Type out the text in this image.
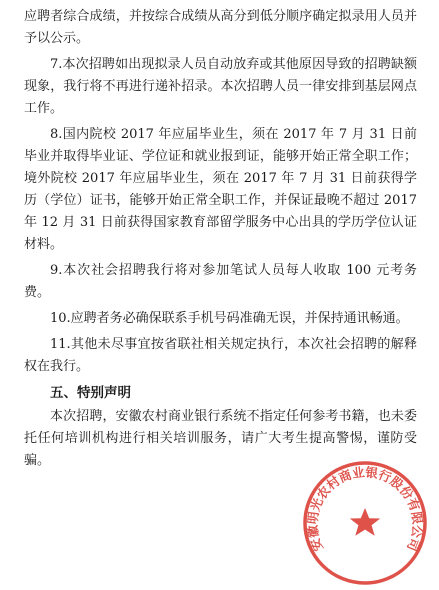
应聘者综合成绩，并按综合成绩从高分到低分顺序确定拟录用人员并予以公示。

7.本次招聘如出现拟录人员自动放弃或其他原因导致的招聘缺额现象，我行将不再进行递补招录。本次招聘人员一律安排到基层网点工作。

8.国内院校 2017 年应届毕业生，须在 2017 年 7 月 31 日前毕业并取得毕业证、学位证和就业报到证，能够开始正常全职工作；境外院校 2017 年应届毕业生，须在 2017 年 7 月 31 日前获得学历（学位）证书，能够开始正常全职工作，并保证最晚不超过 2017 年 12 月 31 日前获得国家教育部留学服务中心出具的学历学位认证材料。

9.本次社会招聘我行将对参加笔试人员每人收取 100 元考务费。

10.应聘者务必确保联系手机号码准确无误，并保持通讯畅通。

11.其他未尽事宜按省联社相关规定执行，本次社会招聘的解释权在我行。

五、特别声明

本次招聘，安徽农村商业银行系统不指定任何参考书籍，也未委托任何培训机构进行相关培训服务，请广大考生提高警惕，谨防受骗。

安徽明光农村商业银行股份有限公司
